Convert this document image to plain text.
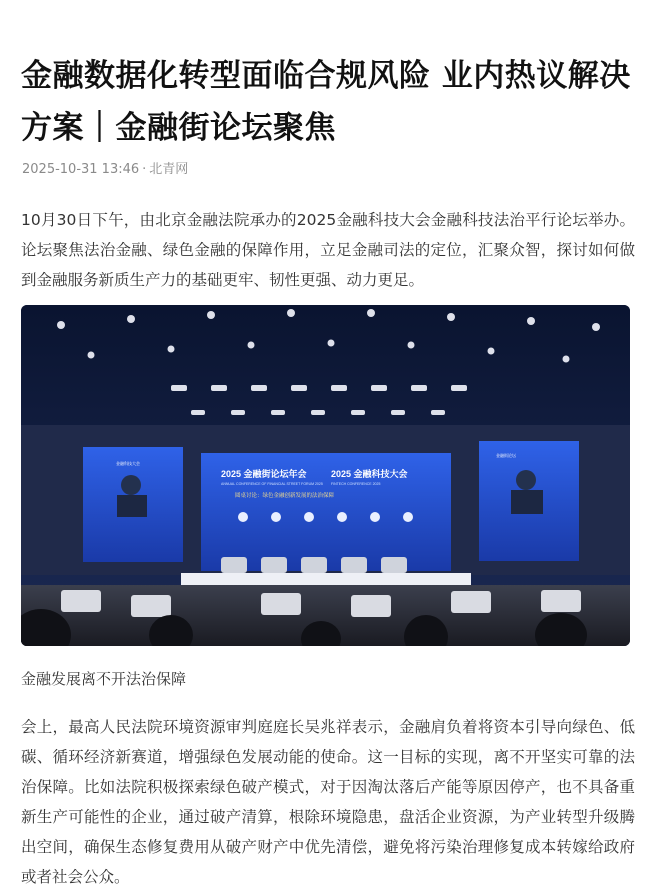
金融数据化转型面临合规风险 业内热议解决方案｜金融街论坛聚焦
2025-10-31 13:46 · 北青网

10月30日下午，由北京金融法院承办的2025金融科技大会金融科技法治平行论坛举办。论坛聚焦法治金融、绿色金融的保障作用，立足金融司法的定位，汇聚众智，探讨如何做到金融服务新质生产力的基础更牢、韧性更强、动力更足。

2025 金融街论坛年会	2025 金融科技大会
ANNUAL CONFERENCE OF FINANCIAL STREET FORUM 2025 FINTECH CONFERENCE 2025
圆桌讨论：绿色金融创新发展的法治保障
金融科技大会
金融街论坛
金融发展离不开法治保障

会上，最高人民法院环境资源审判庭庭长吴兆祥表示，金融肩负着将资本引导向绿色、低碳、循环经济新赛道，增强绿色发展动能的使命。这一目标的实现，离不开坚实可靠的法治保障。比如法院积极探索绿色破产模式，对于因淘汰落后产能等原因停产，也不具备重新生产可能性的企业，通过破产清算，根除环境隐患，盘活企业资源，为产业转型升级腾出空间，确保生态修复费用从破产财产中优先清偿，避免将污染治理修复成本转嫁给政府或者社会公众。
